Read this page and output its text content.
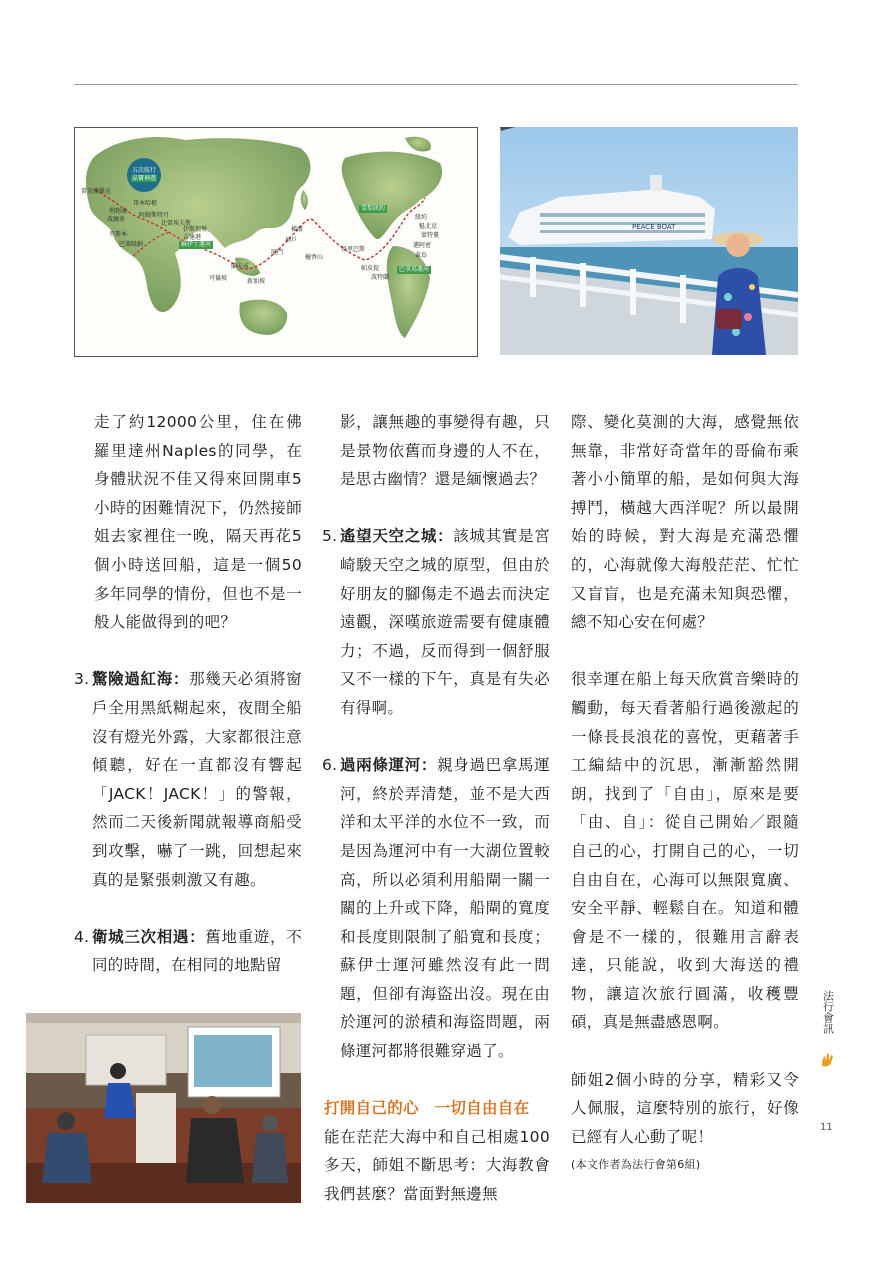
五次航行
晶寶神遊
雷克雅維克
哥本哈根
利物浦
波爾多
阿姆斯特丹
里斯本
巴塞隆納
比雷埃夫斯
伊斯坦堡
吉達港
蘇伊士運河
可倫坡
蘭卡威
新加坡
厦門
神戶
橫濱
檀香山
基里巴斯
帕皮提
波特蘭
雪梨紐約
巴拿馬運河
紐約
魁北克
蒙特婁
邁阿密
黃島
PEACE BOAT

走了約12000公里，住在佛羅里達州Naples的同學，在身體狀況不佳又得來回開車5小時的困難情況下，仍然接師姐去家裡住一晚，隔天再花5個小時送回船，這是一個50多年同學的情份，但也不是一般人能做得到的吧？

3. 驚險過紅海：那幾天必須將窗戶全用黑紙糊起來，夜間全船沒有燈光外露，大家都很注意傾聽，好在一直都沒有響起「JACK！JACK！」的警報，然而二天後新聞就報導商船受到攻擊，嚇了一跳，回想起來真的是緊張刺激又有趣。
4. 衛城三次相遇：舊地重遊，不同的時間，在相同的地點留

影，讓無趣的事變得有趣，只是景物依舊而身邊的人不在，是思古幽情？還是緬懷過去？

5. 遙望天空之城：該城其實是宮崎駿天空之城的原型，但由於好朋友的腳傷走不過去而決定遠觀，深嘆旅遊需要有健康體力；不過，反而得到一個舒服又不一樣的下午，真是有失必有得啊。
6. 過兩條運河：親身過巴拿馬運河，終於弄清楚，並不是大西洋和太平洋的水位不一致，而是因為運河中有一大湖位置較高，所以必須利用船閘一關一關的上升或下降，船閘的寬度和長度則限制了船寬和長度；蘇伊士運河雖然沒有此一問題，但卻有海盜出沒。現在由於運河的淤積和海盜問題，兩條運河都將很難穿過了。

打開自己的心　一切自由自在

能在茫茫大海中和自己相處100多天，師姐不斷思考：大海教會我們甚麼？當面對無邊無

際、變化莫測的大海，感覺無依無靠，非常好奇當年的哥倫布乘著小小簡單的船，是如何與大海搏鬥，橫越大西洋呢？所以最開始的時候，對大海是充滿恐懼的，心海就像大海般茫茫、忙忙又盲盲，也是充滿未知與恐懼，總不知心安在何處？

很幸運在船上每天欣賞音樂時的觸動，每天看著船行過後激起的一條長長浪花的喜悅，更藉著手工編結中的沉思，漸漸豁然開朗，找到了「自由」，原來是要「由、自」：從自己開始／跟隨自己的心，打開自己的心，一切自由自在，心海可以無限寬廣、安全平靜、輕鬆自在。知道和體會是不一樣的，很難用言辭表達，只能說，收到大海送的禮物，讓這次旅行圓滿，收穫豐碩，真是無盡感恩啊。

師姐2個小時的分享，精彩又令人佩服，這麼特別的旅行，好像已經有人心動了呢！

(本文作者為法行會第6組)

法行會訊
11
